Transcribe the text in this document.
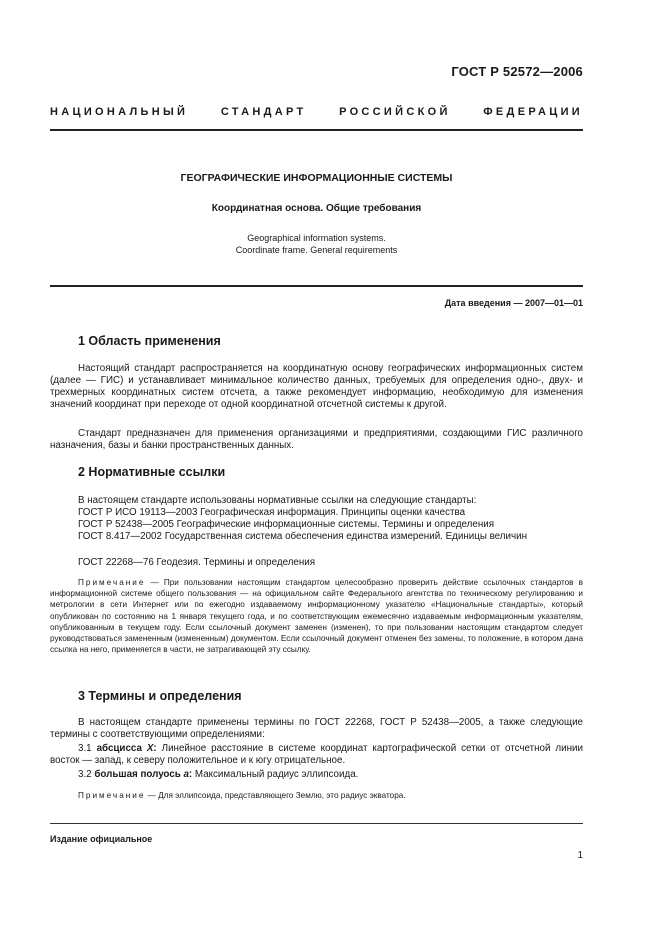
ГОСТ Р 52572—2006
НАЦИОНАЛЬНЫЙ СТАНДАРТ РОССИЙСКОЙ ФЕДЕРАЦИИ
ГЕОГРАФИЧЕСКИЕ ИНФОРМАЦИОННЫЕ СИСТЕМЫ
Координатная основа. Общие требования
Geographical information systems.
Coordinate frame. General requirements
Дата введения — 2007—01—01
1 Область применения
Настоящий стандарт распространяется на координатную основу географических информационных систем (далее — ГИС) и устанавливает минимальное количество данных, требуемых для определения одно-, двух- и трехмерных координатных систем отсчета, а также рекомендует информацию, необходимую для изменения значений координат при переходе от одной координатной отсчетной системы к другой.
Стандарт предназначен для применения организациями и предприятиями, создающими ГИС различного назначения, базы и банки пространственных данных.
2 Нормативные ссылки
В настоящем стандарте использованы нормативные ссылки на следующие стандарты:
ГОСТ Р ИСО 19113—2003 Географическая информация. Принципы оценки качества
ГОСТ Р 52438—2005 Географические информационные системы. Термины и определения
ГОСТ 8.417—2002 Государственная система обеспечения единства измерений. Единицы величин
ГОСТ 22268—76 Геодезия. Термины и определения
Примечание — При пользовании настоящим стандартом целесообразно проверить действие ссылочных стандартов в информационной системе общего пользования — на официальном сайте Федерального агентства по техническому регулированию и метрологии в сети Интернет или по ежегодно издаваемому информационному указателю «Национальные стандарты», который опубликован по состоянию на 1 января текущего года, и по соответствующим ежемесячно издаваемым информационным указателям, опубликованным в текущем году. Если ссылочный документ заменен (изменен), то при пользовании настоящим стандартом следует руководствоваться замененным (измененным) документом. Если ссылочный документ отменен без замены, то положение, в котором дана ссылка на него, применяется в части, не затрагивающей эту ссылку.
3 Термины и определения
В настоящем стандарте применены термины по ГОСТ 22268, ГОСТ Р 52438—2005, а также следующие термины с соответствующими определениями:
3.1 абсцисса X: Линейное расстояние в системе координат картографической сетки от отсчетной линии восток — запад, к северу положительное и к югу отрицательное.
3.2 большая полуось a: Максимальный радиус эллипсоида.
Примечание — Для эллипсоида, представляющего Землю, это радиус экватора.
Издание официальное
1
